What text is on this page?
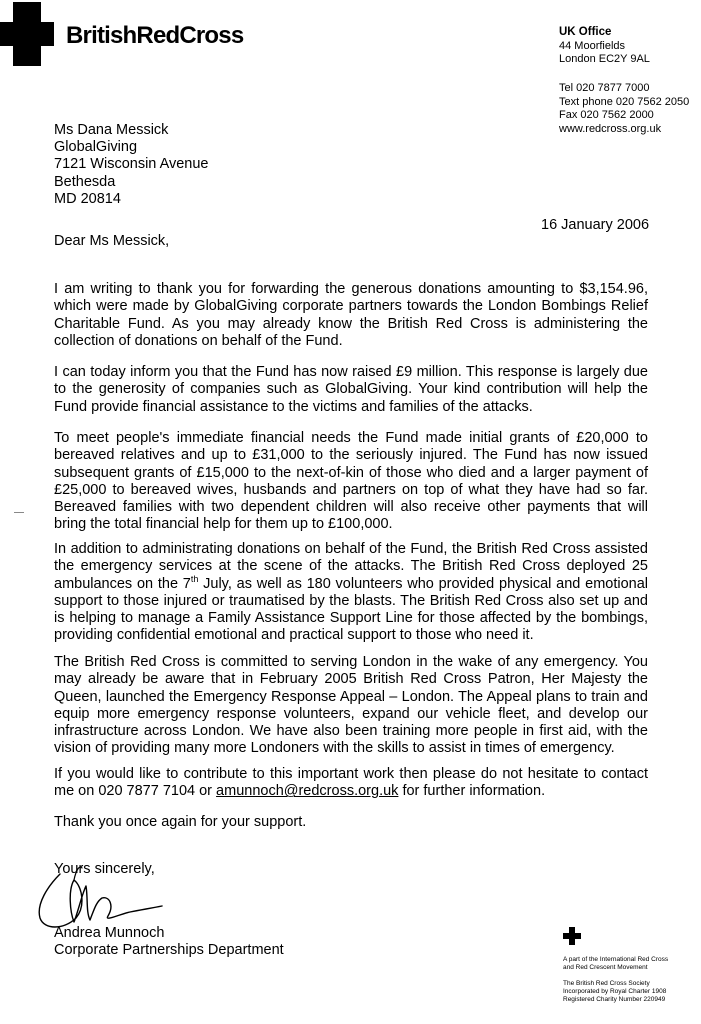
BritishRedCross	UK Office
44 Moorfields
London EC2Y 9AL
Tel 020 7877 7000
Text phone 020 7562 2050
Fax 020 7562 2000
www.redcross.org.uk
Ms Dana Messick
GlobalGiving
7121 Wisconsin Avenue
Bethesda
MD 20814
16 January 2006
Dear Ms Messick,

I am writing to thank you for forwarding the generous donations amounting to $3,154.96, which were made by GlobalGiving corporate partners towards the London Bombings Relief Charitable Fund. As you may already know the British Red Cross is administering the collection of donations on behalf of the Fund.

I can today inform you that the Fund has now raised £9 million. This response is largely due to the generosity of companies such as GlobalGiving. Your kind contribution will help the Fund provide financial assistance to the victims and families of the attacks.

To meet people's immediate financial needs the Fund made initial grants of £20,000 to bereaved relatives and up to £31,000 to the seriously injured. The Fund has now issued subsequent grants of £15,000 to the next-of-kin of those who died and a larger payment of £25,000 to bereaved wives, husbands and partners on top of what they have had so far. Bereaved families with two dependent children will also receive other payments that will bring the total financial help for them up to £100,000.

In addition to administrating donations on behalf of the Fund, the British Red Cross assisted the emergency services at the scene of the attacks. The British Red Cross deployed 25 ambulances on the 7th July, as well as 180 volunteers who provided physical and emotional support to those injured or traumatised by the blasts. The British Red Cross also set up and is helping to manage a Family Assistance Support Line for those affected by the bombings, providing confidential emotional and practical support to those who need it.

The British Red Cross is committed to serving London in the wake of any emergency. You may already be aware that in February 2005 British Red Cross Patron, Her Majesty the Queen, launched the Emergency Response Appeal – London. The Appeal plans to train and equip more emergency response volunteers, expand our vehicle fleet, and develop our infrastructure across London. We have also been training more people in first aid, with the vision of providing many more Londoners with the skills to assist in times of emergency.

If you would like to contribute to this important work then please do not hesitate to contact me on 020 7877 7104 or amunnoch@redcross.org.uk for further information.

Thank you once again for your support.

Yours sincerely,
Andrea Munnoch
Corporate Partnerships Department
A part of the International Red Cross
and Red Crescent Movement
The British Red Cross Society
Incorporated by Royal Charter 1908
Registered Charity Number 220949
